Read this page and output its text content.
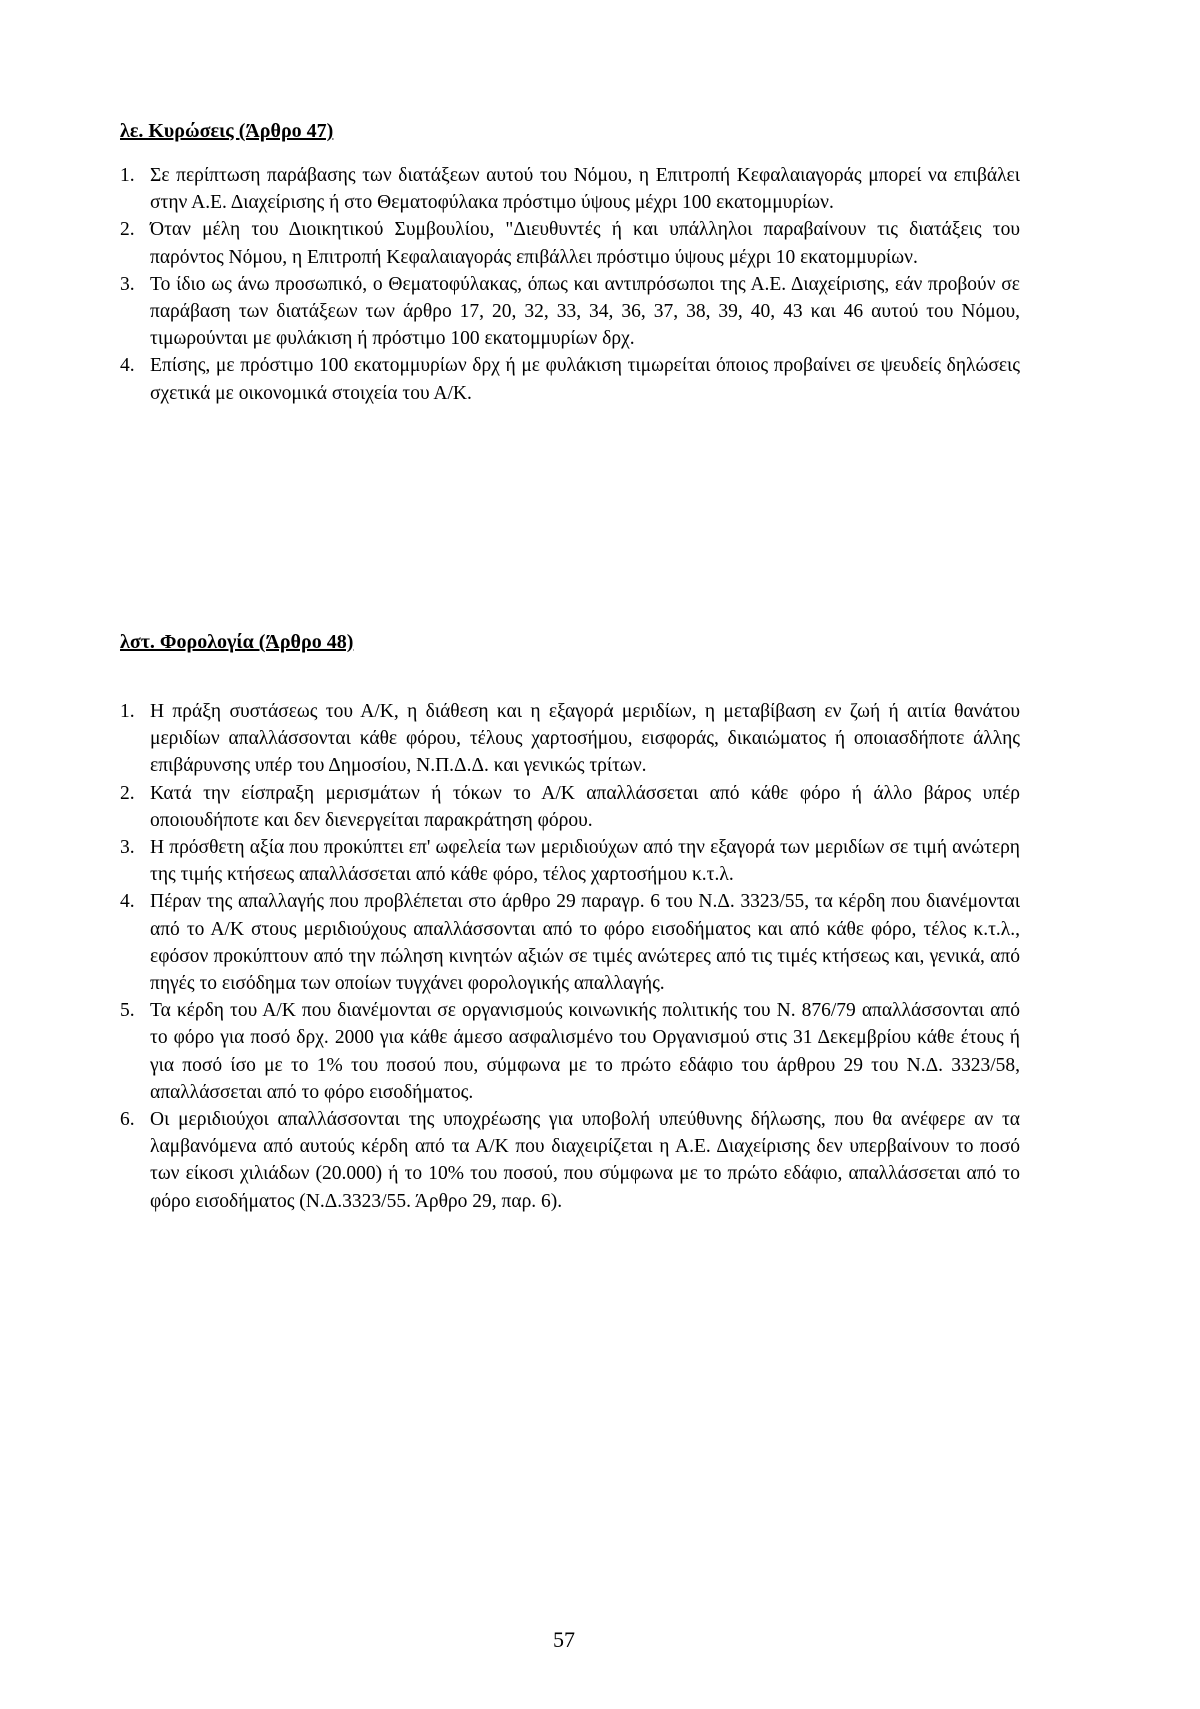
λε. Κυρώσεις (Άρθρο 47)

1. Σε περίπτωση παράβασης των διατάξεων αυτού του Νόμου, η Επιτροπή Κεφαλαιαγοράς μπορεί να επιβάλει στην Α.Ε. Διαχείρισης ή στο Θεματοφύλακα πρόστιμο ύψους μέχρι 100 εκατομμυρίων.

2. Όταν μέλη του Διοικητικού Συμβουλίου, "Διευθυντές ή και υπάλληλοι παραβαίνουν τις διατάξεις του παρόντος Νόμου, η Επιτροπή Κεφαλαιαγοράς επιβάλλει πρόστιμο ύψους μέχρι 10 εκατομμυρίων.

3. Το ίδιο ως άνω προσωπικό, ο Θεματοφύλακας, όπως και αντιπρόσωποι της Α.Ε. Διαχείρισης, εάν προβούν σε παράβαση των διατάξεων των άρθρο 17, 20, 32, 33, 34, 36, 37, 38, 39, 40, 43 και 46 αυτού του Νόμου, τιμωρούνται με φυλάκιση ή πρόστιμο 100 εκατομμυρίων δρχ.

4. Επίσης, με πρόστιμο 100 εκατομμυρίων δρχ ή με φυλάκιση τιμωρείται όποιος προβαίνει σε ψευδείς δηλώσεις σχετικά με οικονομικά στοιχεία του Α/Κ.

λστ. Φορολογία (Άρθρο 48)

1. Η πράξη συστάσεως του Α/Κ, η διάθεση και η εξαγορά μεριδίων, η μεταβίβαση εν ζωή ή αιτία θανάτου μεριδίων απαλλάσσονται κάθε φόρου, τέλους χαρτοσήμου, εισφοράς, δικαιώματος ή οποιασδήποτε άλλης επιβάρυνσης υπέρ του Δημοσίου, Ν.Π.Δ.Δ. και γενικώς τρίτων.

2. Κατά την είσπραξη μερισμάτων ή τόκων το Α/Κ απαλλάσσεται από κάθε φόρο ή άλλο βάρος υπέρ οποιουδήποτε και δεν διενεργείται παρακράτηση φόρου.

3. Η πρόσθετη αξία που προκύπτει επ' ωφελεία των μεριδιούχων από την εξαγορά των μεριδίων σε τιμή ανώτερη της τιμής κτήσεως απαλλάσσεται από κάθε φόρο, τέλος χαρτοσήμου κ.τ.λ.

4. Πέραν της απαλλαγής που προβλέπεται στο άρθρο 29 παραγρ. 6 του Ν.Δ. 3323/55, τα κέρδη που διανέμονται από το Α/Κ στους μεριδιούχους απαλλάσσονται από το φόρο εισοδήματος και από κάθε φόρο, τέλος κ.τ.λ., εφόσον προκύπτουν από την πώληση κινητών αξιών σε τιμές ανώτερες από τις τιμές κτήσεως και, γενικά, από πηγές το εισόδημα των οποίων τυγχάνει φορολογικής απαλλαγής.

5. Τα κέρδη του Α/Κ που διανέμονται σε οργανισμούς κοινωνικής πολιτικής του Ν. 876/79 απαλλάσσονται από το φόρο για ποσό δρχ. 2000 για κάθε άμεσο ασφαλισμένο του Οργανισμού στις 31 Δεκεμβρίου κάθε έτους ή για ποσό ίσο με το 1% του ποσού που, σύμφωνα με το πρώτο εδάφιο του άρθρου 29 του Ν.Δ. 3323/58, απαλλάσσεται από το φόρο εισοδήματος.

6. Οι μεριδιούχοι απαλλάσσονται της υποχρέωσης για υποβολή υπεύθυνης δήλωσης, που θα ανέφερε αν τα λαμβανόμενα από αυτούς κέρδη από τα Α/Κ που διαχειρίζεται η Α.Ε. Διαχείρισης δεν υπερβαίνουν το ποσό των είκοσι χιλιάδων (20.000) ή το 10% του ποσού, που σύμφωνα με το πρώτο εδάφιο, απαλλάσσεται από το φόρο εισοδήματος (Ν.Δ.3323/55. Άρθρο 29, παρ. 6).

57
